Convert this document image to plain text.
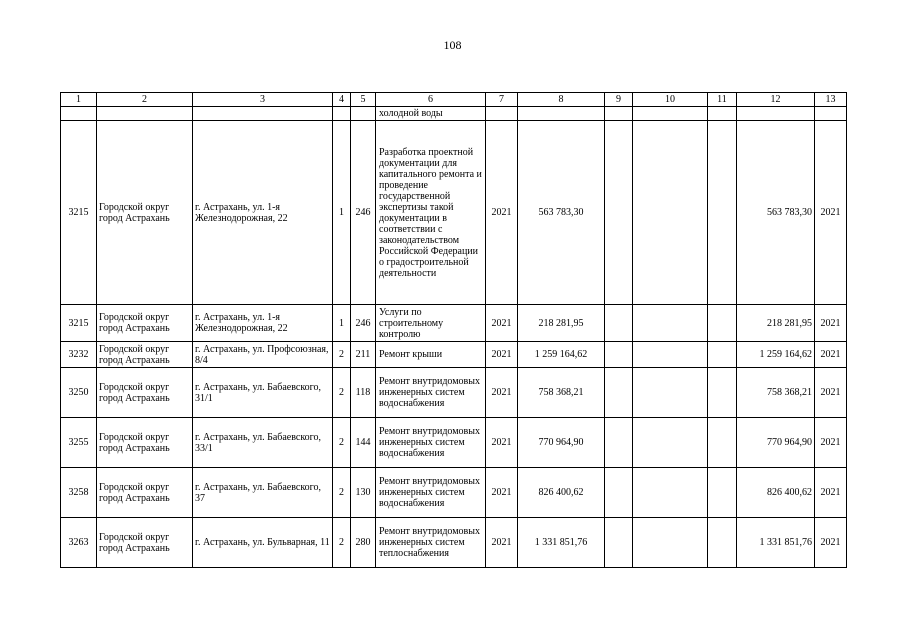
108
1	2	3	4	5	6	7	8	9	10	11	12	13
					холодной воды							
3215	Городской округ город Астрахань	г. Астрахань, ул. 1-я Железнодорожная, 22	1	246	Разработка проектной документации для капитального ремонта и проведение государственной экспертизы такой документации в соответствии с законодательством Российской Федерации о градостроительной деятельности	2021	563 783,30				563 783,30	2021
3215	Городской округ город Астрахань	г. Астрахань, ул. 1-я Железнодорожная, 22	1	246	Услуги по строительному контролю	2021	218 281,95				218 281,95	2021
3232	Городской округ город Астрахань	г. Астрахань, ул. Профсоюзная, 8/4	2	211	Ремонт крыши	2021	1 259 164,62				1 259 164,62	2021
3250	Городской округ город Астрахань	г. Астрахань, ул. Бабаевского, 31/1	2	118	Ремонт внутридомовых инженерных систем водоснабжения	2021	758 368,21				758 368,21	2021
3255	Городской округ город Астрахань	г. Астрахань, ул. Бабаевского, 33/1	2	144	Ремонт внутридомовых инженерных систем водоснабжения	2021	770 964,90				770 964,90	2021
3258	Городской округ город Астрахань	г. Астрахань, ул. Бабаевского, 37	2	130	Ремонт внутридомовых инженерных систем водоснабжения	2021	826 400,62				826 400,62	2021
3263	Городской округ город Астрахань	г. Астрахань, ул. Бульварная, 11	2	280	Ремонт внутридомовых инженерных систем теплоснабжения	2021	1 331 851,76				1 331 851,76	2021
